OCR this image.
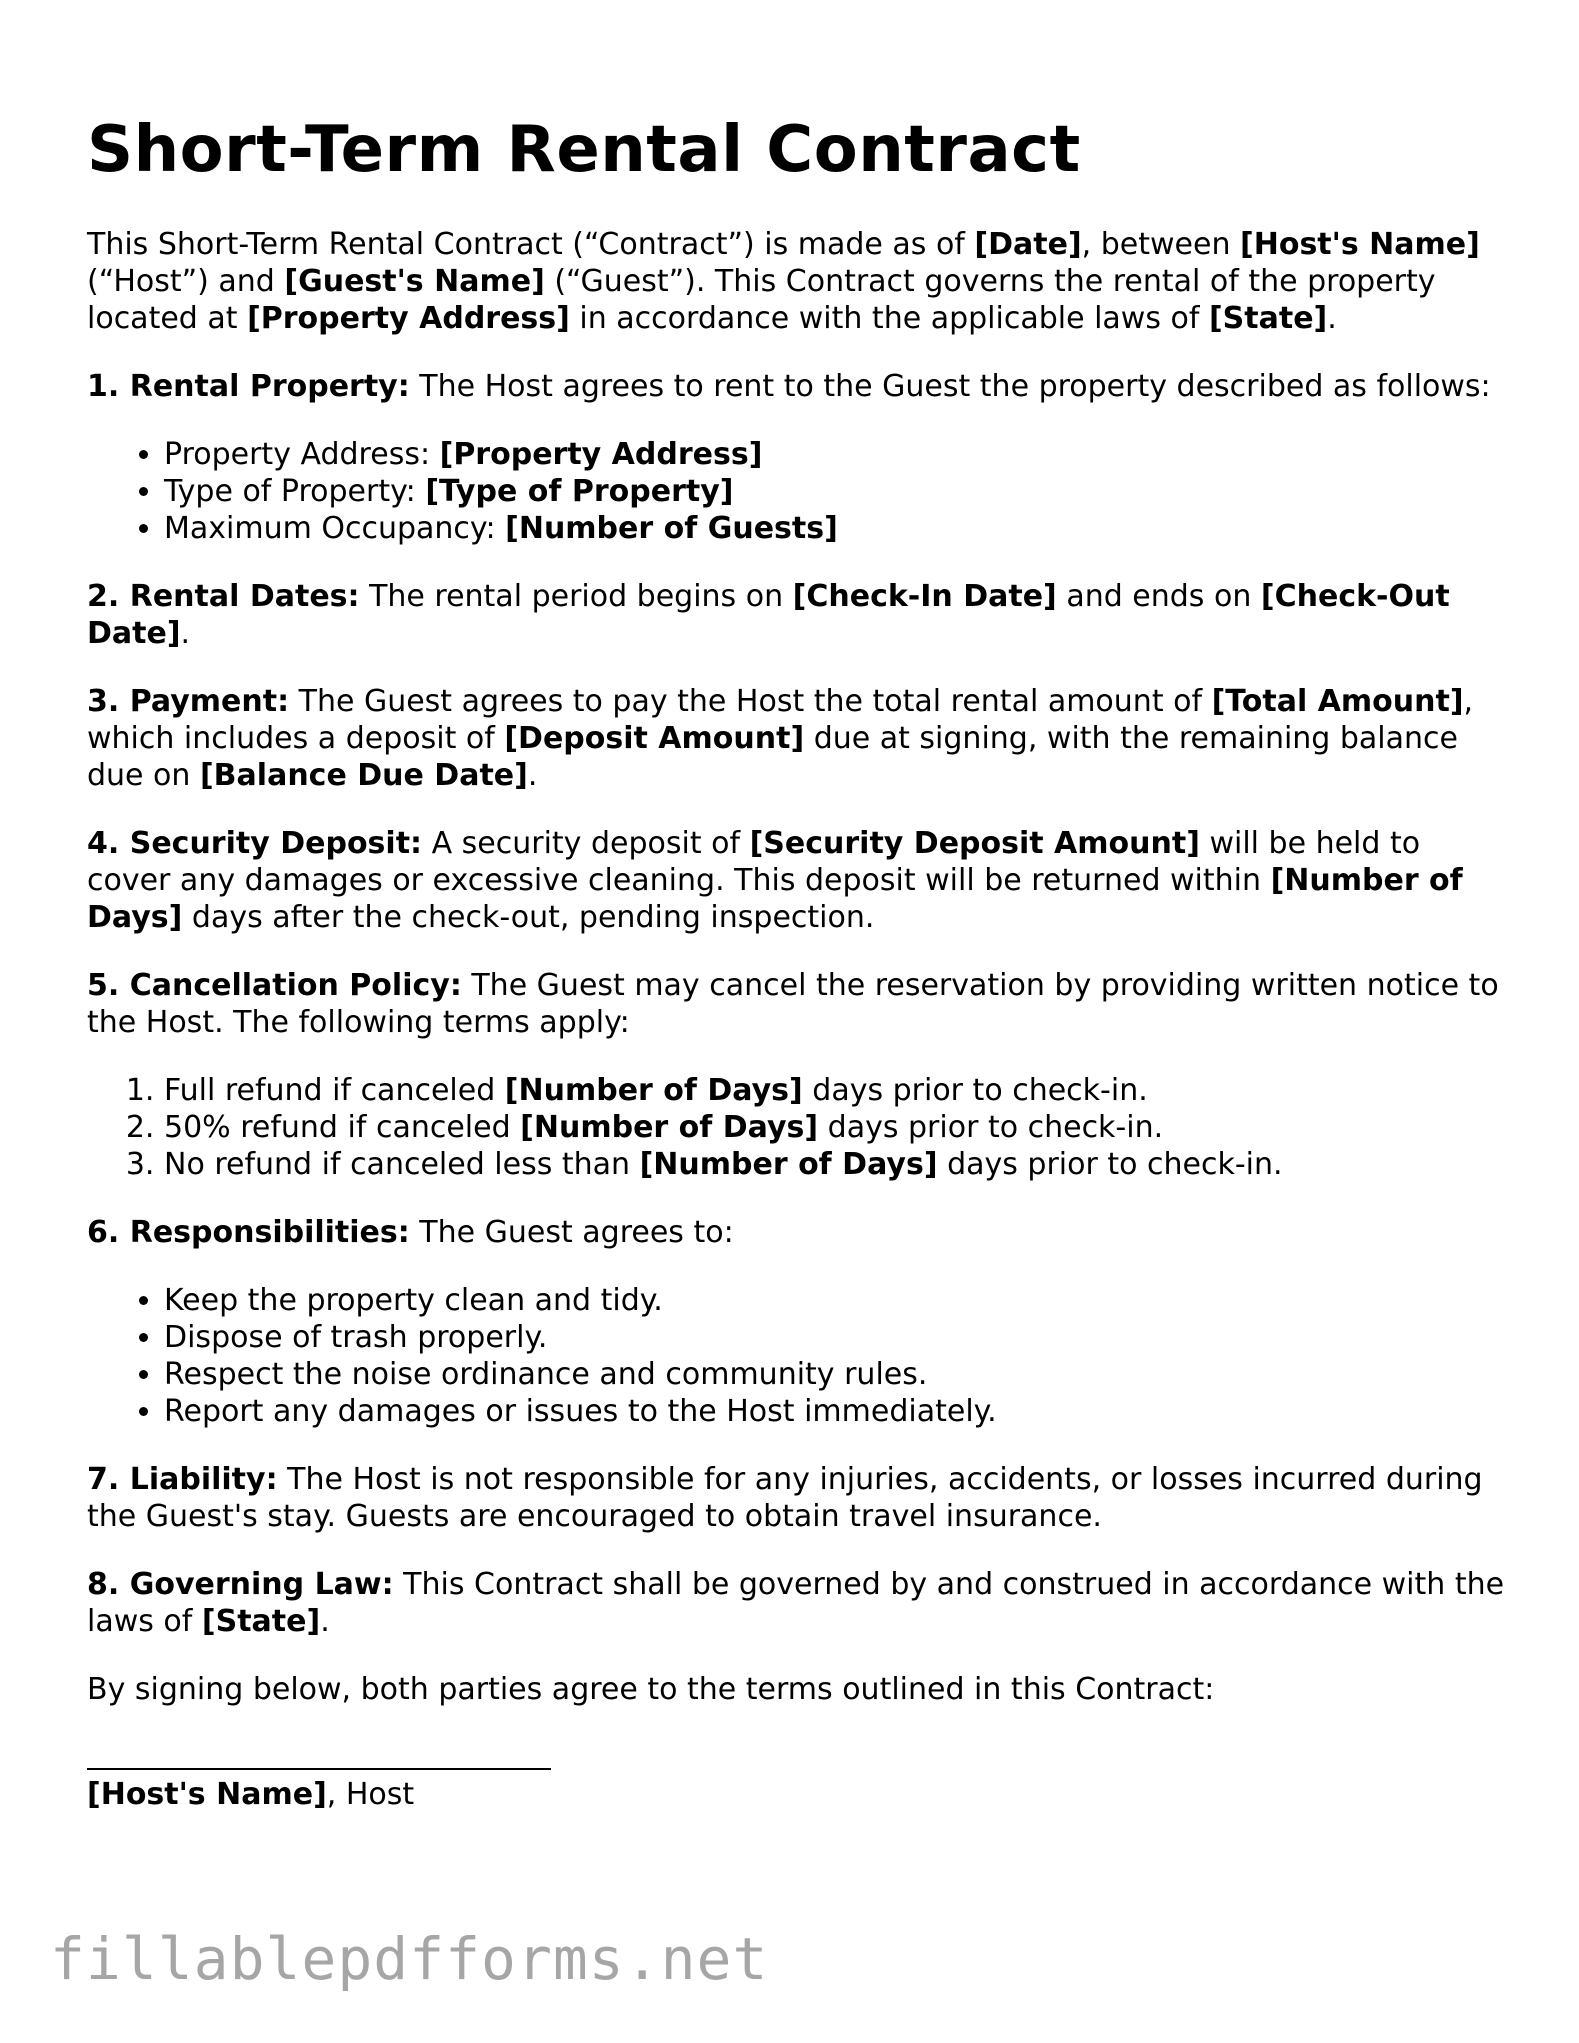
Short-Term Rental Contract

This Short-Term Rental Contract (“Contract”) is made as of [Date], between [Host's Name] (“Host”) and [Guest's Name] (“Guest”). This Contract governs the rental of the property located at [Property Address] in accordance with the applicable laws of [State].

1. Rental Property: The Host agrees to rent to the Guest the property described as follows:

• Property Address: [Property Address]
• Type of Property: [Type of Property]
• Maximum Occupancy: [Number of Guests]

2. Rental Dates: The rental period begins on [Check-In Date] and ends on [Check-Out Date].

3. Payment: The Guest agrees to pay the Host the total rental amount of [Total Amount], which includes a deposit of [Deposit Amount] due at signing, with the remaining balance due on [Balance Due Date].

4. Security Deposit: A security deposit of [Security Deposit Amount] will be held to cover any damages or excessive cleaning. This deposit will be returned within [Number of Days] days after the check-out, pending inspection.

5. Cancellation Policy: The Guest may cancel the reservation by providing written notice to the Host. The following terms apply:

1. Full refund if canceled [Number of Days] days prior to check-in.
2. 50% refund if canceled [Number of Days] days prior to check-in.
3. No refund if canceled less than [Number of Days] days prior to check-in.

6. Responsibilities: The Guest agrees to:

• Keep the property clean and tidy.
• Dispose of trash properly.
• Respect the noise ordinance and community rules.
• Report any damages or issues to the Host immediately.

7. Liability: The Host is not responsible for any injuries, accidents, or losses incurred during the Guest's stay. Guests are encouraged to obtain travel insurance.

8. Governing Law: This Contract shall be governed by and construed in accordance with the laws of [State].

By signing below, both parties agree to the terms outlined in this Contract:

[Host's Name], Host
fillablepdfforms.net
